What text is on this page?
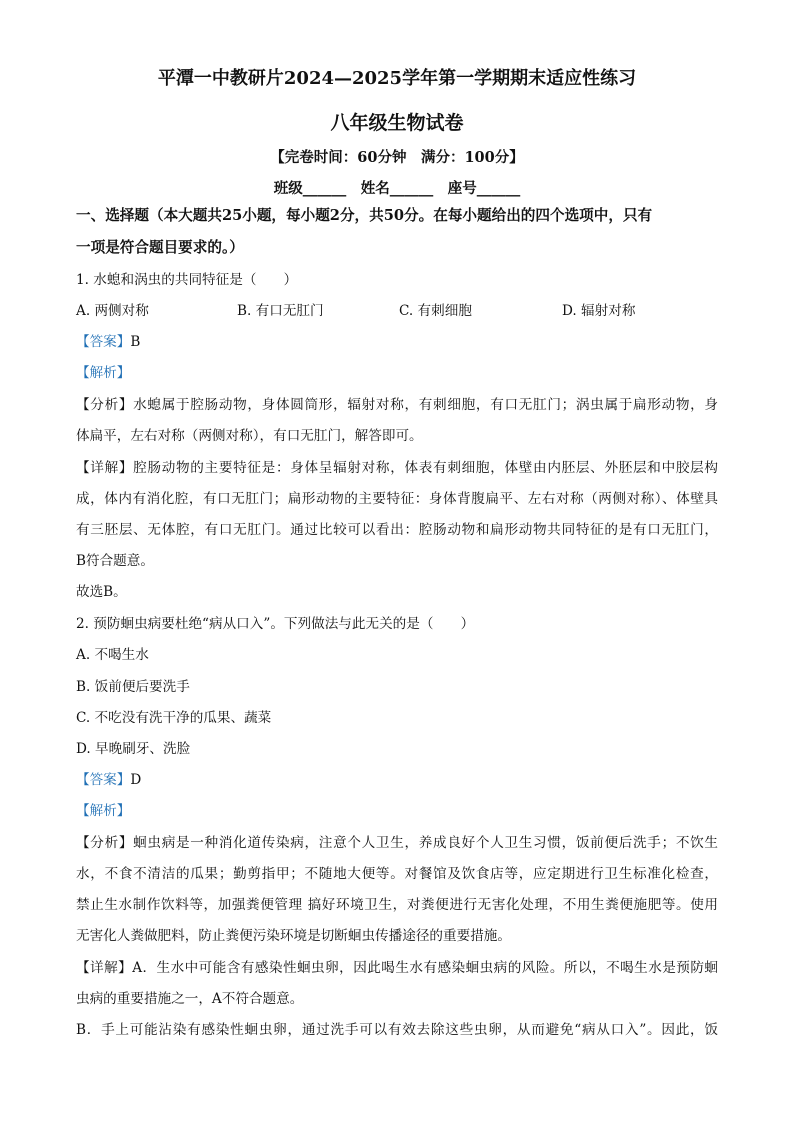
平潭一中教研片2024—2025学年第一学期期末适应性练习
八年级生物试卷
【完卷时间：60分钟　满分：100分】
班级______　姓名______　座号______
一、选择题（本大题共25小题，每小题2分，共50分。在每小题给出的四个选项中，只有
一项是符合题目要求的。）
1. 水螅和涡虫的共同特征是（　　）
A. 两侧对称	B. 有口无肛门	C. 有刺细胞	D. 辐射对称
【答案】B
【解析】
【分析】水螅属于腔肠动物，身体圆筒形，辐射对称，有刺细胞，有口无肛门；涡虫属于扁形动物，身
体扁平，左右对称（两侧对称），有口无肛门，解答即可。
【详解】腔肠动物的主要特征是：身体呈辐射对称，体表有刺细胞，体壁由内胚层、外胚层和中胶层构
成，体内有消化腔，有口无肛门；扁形动物的主要特征：身体背腹扁平、左右对称（两侧对称）、体壁具
有三胚层、无体腔，有口无肛门。通过比较可以看出：腔肠动物和扁形动物共同特征的是有口无肛门，
B符合题意。
故选B。
2. 预防蛔虫病要杜绝“病从口入”。下列做法与此无关的是（　　）
A. 不喝生水
B. 饭前便后要洗手
C. 不吃没有洗干净的瓜果、蔬菜
D. 早晚刷牙、洗脸
【答案】D
【解析】
【分析】蛔虫病是一种消化道传染病，注意个人卫生，养成良好个人卫生习惯，饭前便后洗手；不饮生
水，不食不清洁的瓜果；勤剪指甲；不随地大便等。对餐馆及饮食店等，应定期进行卫生标准化检查，
禁止生水制作饮料等，加强粪便管理 搞好环境卫生，对粪便进行无害化处理，不用生粪便施肥等。使用
无害化人粪做肥料，防止粪便污染环境是切断蛔虫传播途径的重要措施。
【详解】A．生水中可能含有感染性蛔虫卵，因此喝生水有感染蛔虫病的风险。所以，不喝生水是预防蛔
虫病的重要措施之一，A不符合题意。
B．手上可能沾染有感染性蛔虫卵，通过洗手可以有效去除这些虫卵，从而避免“病从口入”。因此，饭
